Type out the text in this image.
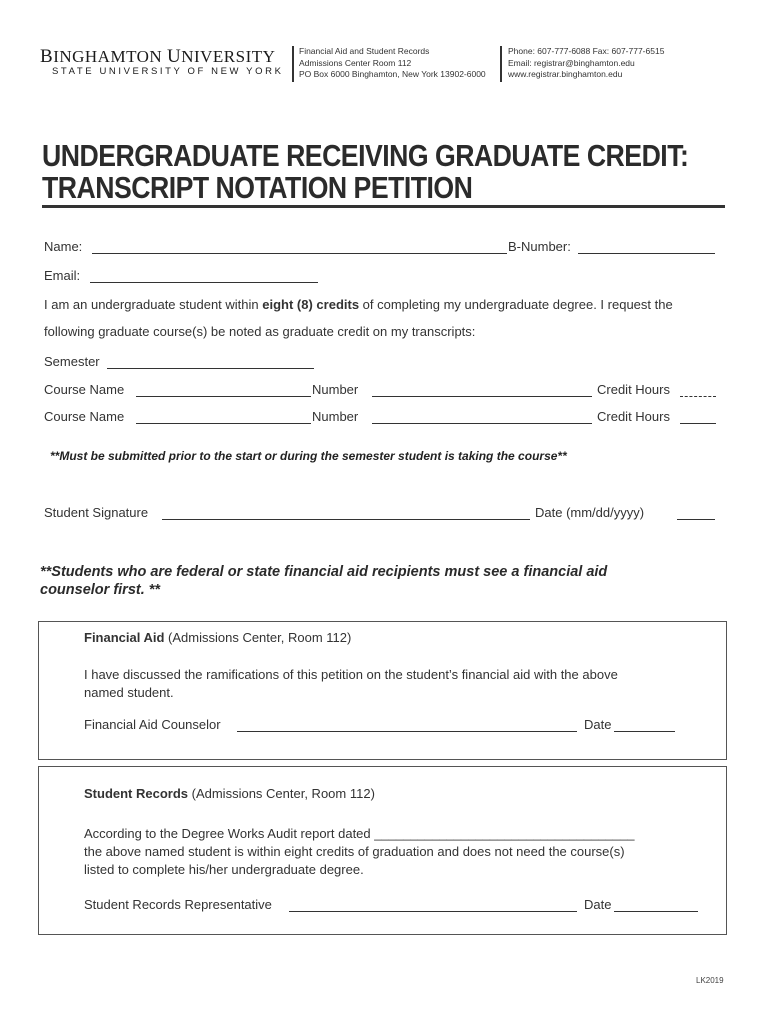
BINGHAMTON UNIVERSITY
STATE UNIVERSITY OF NEW YORK
Financial Aid and Student Records
Admissions Center Room 112
PO Box 6000 Binghamton, New York 13902-6000
Phone: 607-777-6088 Fax: 607-777-6515
Email: registrar@binghamton.edu
www.registrar.binghamton.edu
UNDERGRADUATE RECEIVING GRADUATE CREDIT:
TRANSCRIPT NOTATION PETITION
Name:	B-Number:
Email:
I am an undergraduate student within eight (8) credits of completing my undergraduate degree. I request the
following graduate course(s) be noted as graduate credit on my transcripts:
Semester
Course Name	Number	Credit Hours
Course Name	Number	Credit Hours
**Must be submitted prior to the start or during the semester student is taking the course**
Student Signature	Date (mm/dd/yyyy)
**Students who are federal or state financial aid recipients must see a financial aid
counselor first. **
Financial Aid (Admissions Center, Room 112)
I have discussed the ramifications of this petition on the student’s financial aid with the above
named student.
Financial Aid Counselor	Date
Student Records (Admissions Center, Room 112)
According to the Degree Works Audit report dated ____________________________________
the above named student is within eight credits of graduation and does not need the course(s)
listed to complete his/her undergraduate degree.
Student Records Representative	Date
LK2019
